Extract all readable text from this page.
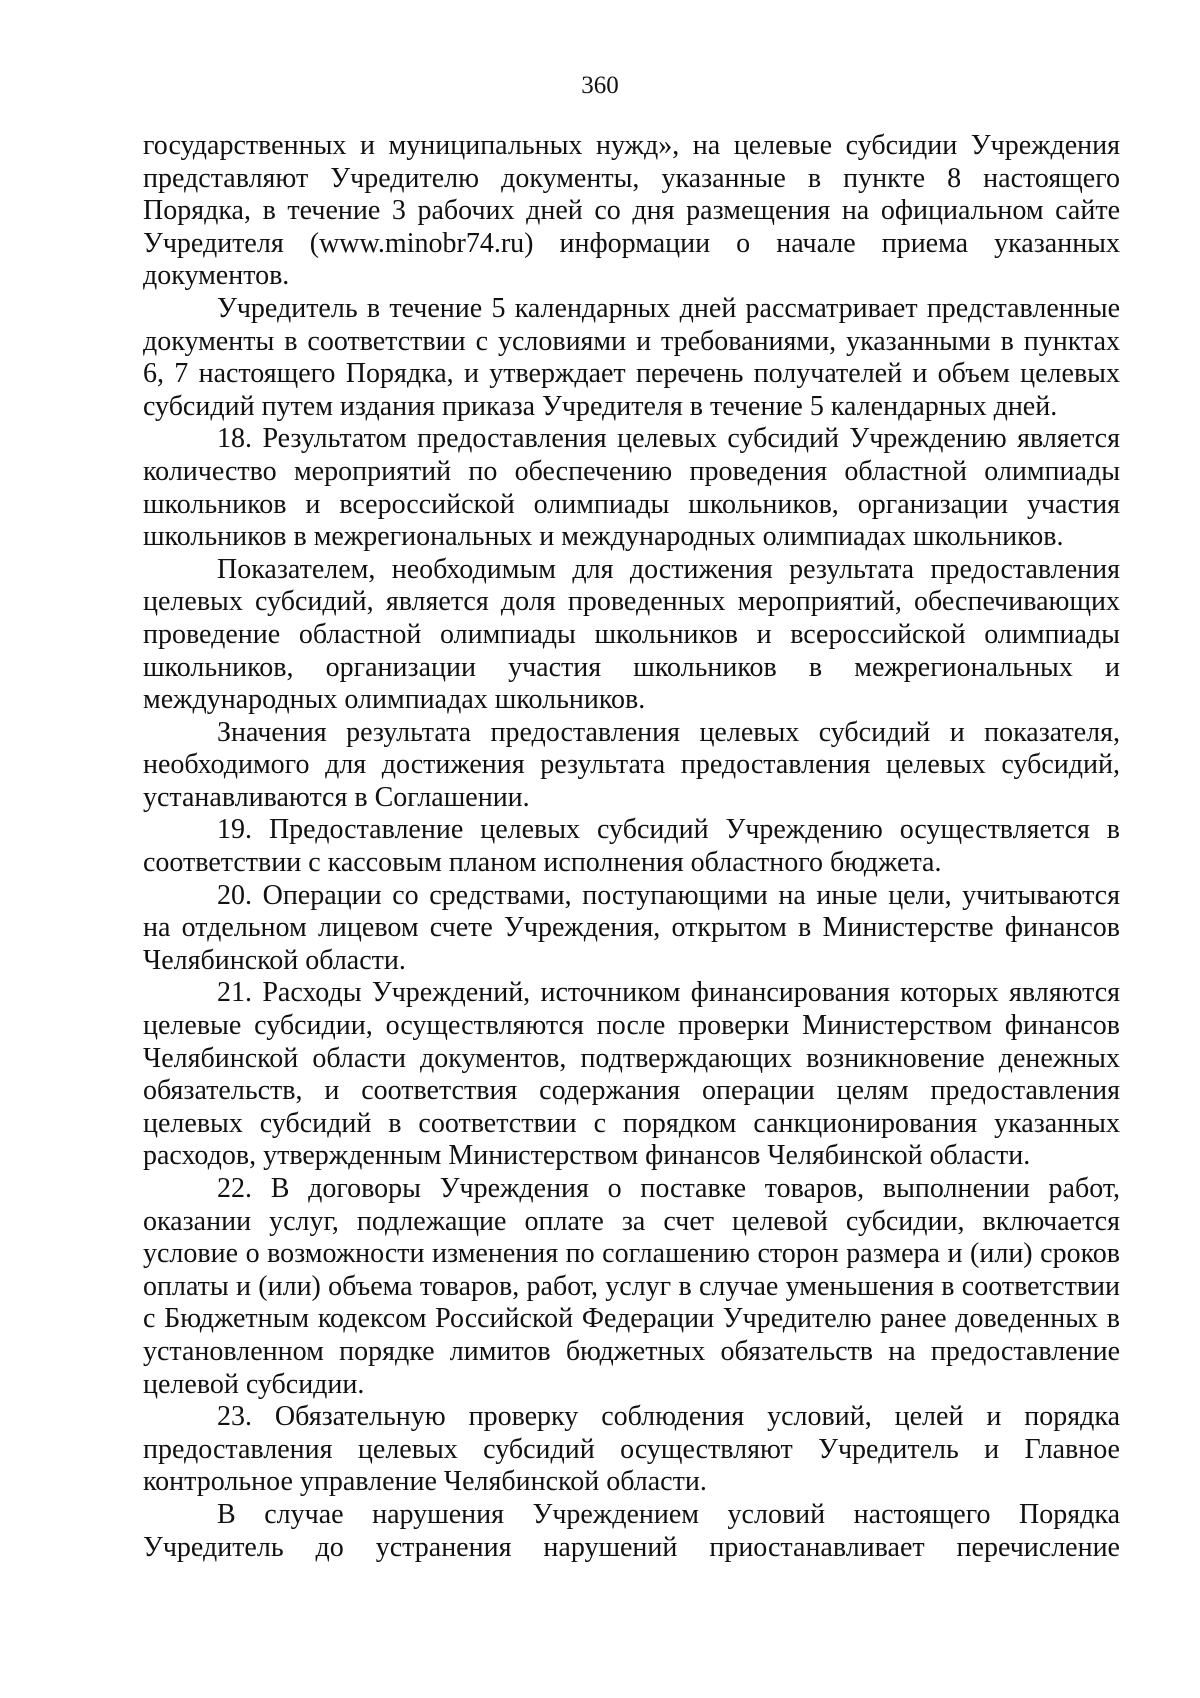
360

государственных и муниципальных нужд», на целевые субсидии Учреждения представляют Учредителю документы, указанные в пункте 8 настоящего Порядка, в течение 3 рабочих дней со дня размещения на официальном сайте Учредителя (www.minobr74.ru) информации о начале приема указанных документов.

Учредитель в течение 5 календарных дней рассматривает представленные документы в соответствии с условиями и требованиями, указанными в пунктах 6, 7 настоящего Порядка, и утверждает перечень получателей и объем целевых субсидий путем издания приказа Учредителя в течение 5 календарных дней.

18. Результатом предоставления целевых субсидий Учреждению является количество мероприятий по обеспечению проведения областной олимпиады школьников и всероссийской олимпиады школьников, организации участия школьников в межрегиональных и международных олимпиадах школьников.

Показателем, необходимым для достижения результата предоставления целевых субсидий, является доля проведенных мероприятий, обеспечивающих проведение областной олимпиады школьников и всероссийской олимпиады школьников, организации участия школьников в межрегиональных и международных олимпиадах школьников.

Значения результата предоставления целевых субсидий и показателя, необходимого для достижения результата предоставления целевых субсидий, устанавливаются в Соглашении.

19. Предоставление целевых субсидий Учреждению осуществляется в соответствии с кассовым планом исполнения областного бюджета.

20. Операции со средствами, поступающими на иные цели, учитываются на отдельном лицевом счете Учреждения, открытом в Министерстве финансов Челябинской области.

21. Расходы Учреждений, источником финансирования которых являются целевые субсидии, осуществляются после проверки Министерством финансов Челябинской области документов, подтверждающих возникновение денежных обязательств, и соответствия содержания операции целям предоставления целевых субсидий в соответствии с порядком санкционирования указанных расходов, утвержденным Министерством финансов Челябинской области.

22. В договоры Учреждения о поставке товаров, выполнении работ, оказании услуг, подлежащие оплате за счет целевой субсидии, включается условие о возможности изменения по соглашению сторон размера и (или) сроков оплаты и (или) объема товаров, работ, услуг в случае уменьшения в соответствии с Бюджетным кодексом Российской Федерации Учредителю ранее доведенных в установленном порядке лимитов бюджетных обязательств на предоставление целевой субсидии.

23. Обязательную проверку соблюдения условий, целей и порядка предоставления целевых субсидий осуществляют Учредитель и Главное контрольное управление Челябинской области.

В случае нарушения Учреждением условий настоящего Порядка Учредитель до устранения нарушений приостанавливает перечисление
